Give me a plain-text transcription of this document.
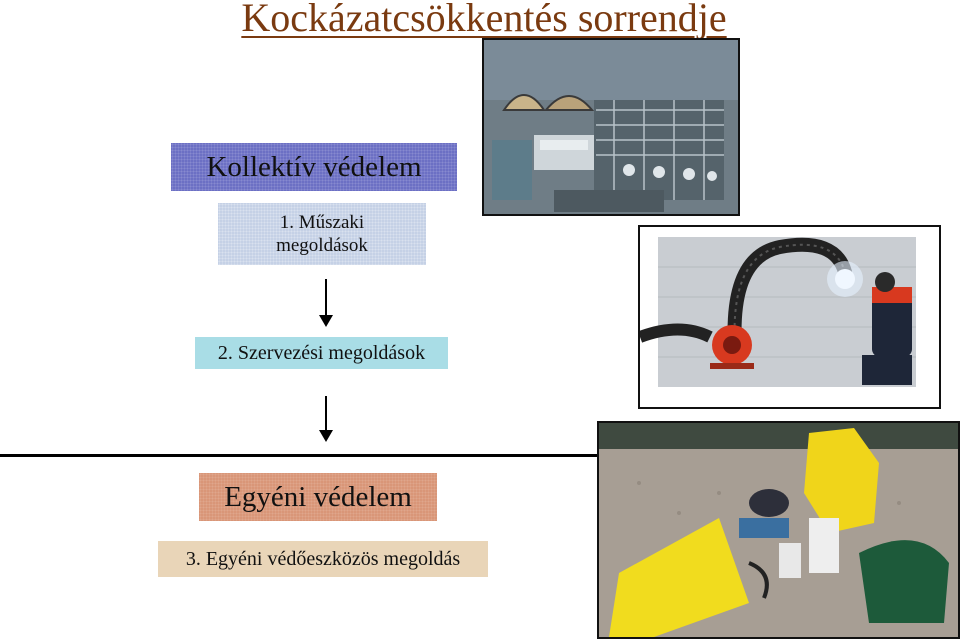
Kockázatcsökkentés sorrendje
Kollektív védelem
1. Műszaki
megoldások
2. Szervezési megoldások
Egyéni védelem
3. Egyéni védőeszközös megoldás
